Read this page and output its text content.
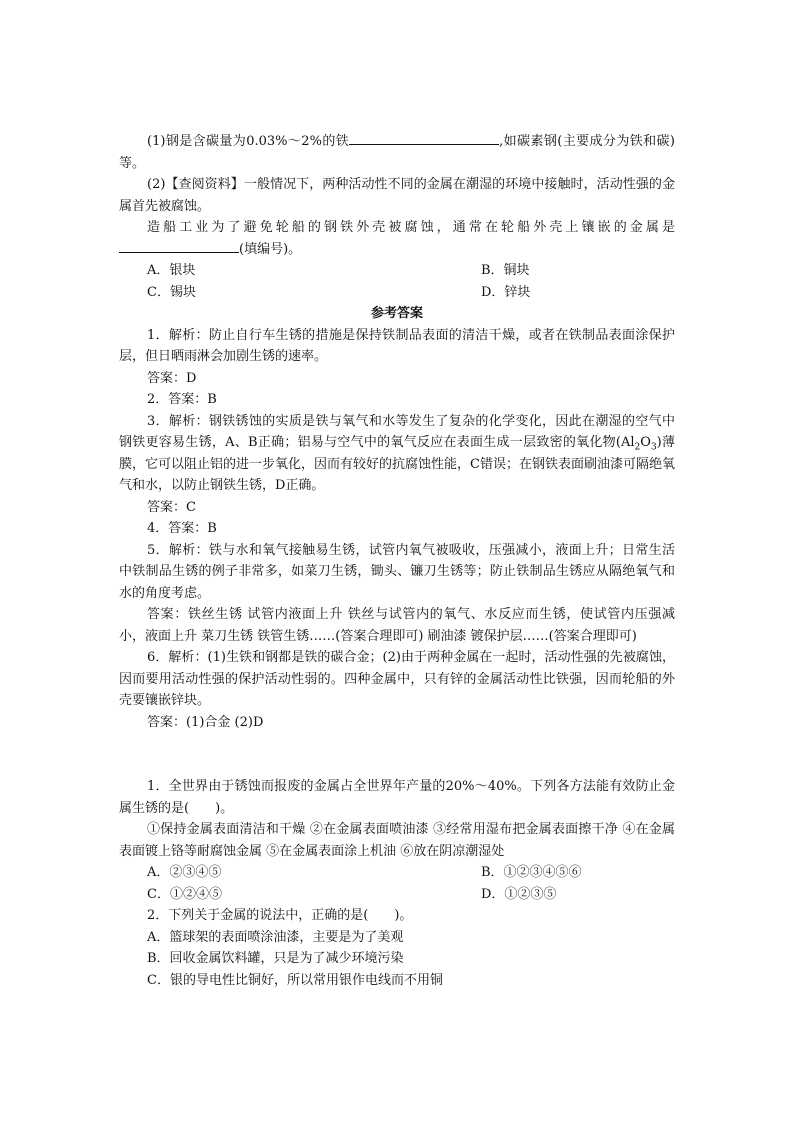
(1)钢是含碳量为0.03%～2%的铁	,如碳素钢(主要成分为铁和碳)等。

(2)【查阅资料】一般情况下，两种活动性不同的金属在潮湿的环境中接触时，活动性强的金属首先被腐蚀。

造船工业为了避免轮船的钢铁外壳被腐蚀，通常在轮船外壳上镶嵌的金属是(填编号)。

A．银块	B．铜块
C．锡块	D．锌块

参考答案

1．解析：防止自行车生锈的措施是保持铁制品表面的清洁干燥，或者在铁制品表面涂保护层，但日晒雨淋会加剧生锈的速率。

答案：D

2．答案：B

3．解析：钢铁锈蚀的实质是铁与氧气和水等发生了复杂的化学变化，因此在潮湿的空气中钢铁更容易生锈，A、B正确；铝易与空气中的氧气反应在表面生成一层致密的氧化物$(Al_2O_3)$薄膜，它可以阻止铝的进一步氧化，因而有较好的抗腐蚀性能，C错误；在钢铁表面刷油漆可隔绝氧气和水，以防止钢铁生锈，D正确。

答案：C

4．答案：B

5．解析：铁与水和氧气接触易生锈，试管内氧气被吸收，压强减小，液面上升；日常生活中铁制品生锈的例子非常多，如菜刀生锈，锄头、镰刀生锈等；防止铁制品生锈应从隔绝氧气和水的角度考虑。

答案：铁丝生锈 试管内液面上升 铁丝与试管内的氧气、水反应而生锈，使试管内压强减小，液面上升 菜刀生锈 铁管生锈……(答案合理即可) 刷油漆 镀保护层……(答案合理即可)

6．解析：(1)生铁和钢都是铁的碳合金；(2)由于两种金属在一起时，活动性强的先被腐蚀，因而要用活动性强的保护活动性弱的。四种金属中，只有锌的金属活动性比铁强，因而轮船的外壳要镶嵌锌块。

答案：(1)合金 (2)D

1．全世界由于锈蚀而报废的金属占全世界年产量的20%～40%。下列各方法能有效防止金属生锈的是(　　)。

①保持金属表面清洁和干燥 ②在金属表面喷油漆 ③经常用湿布把金属表面擦干净 ④在金属表面镀上铬等耐腐蚀金属 ⑤在金属表面涂上机油 ⑥放在阴凉潮湿处

A．②③④⑤	B．①②③④⑤⑥
C．①②④⑤	D．①②③⑤

2．下列关于金属的说法中，正确的是(　　)。

A．篮球架的表面喷涂油漆，主要是为了美观

B．回收金属饮料罐，只是为了减少环境污染

C．银的导电性比铜好，所以常用银作电线而不用铜
